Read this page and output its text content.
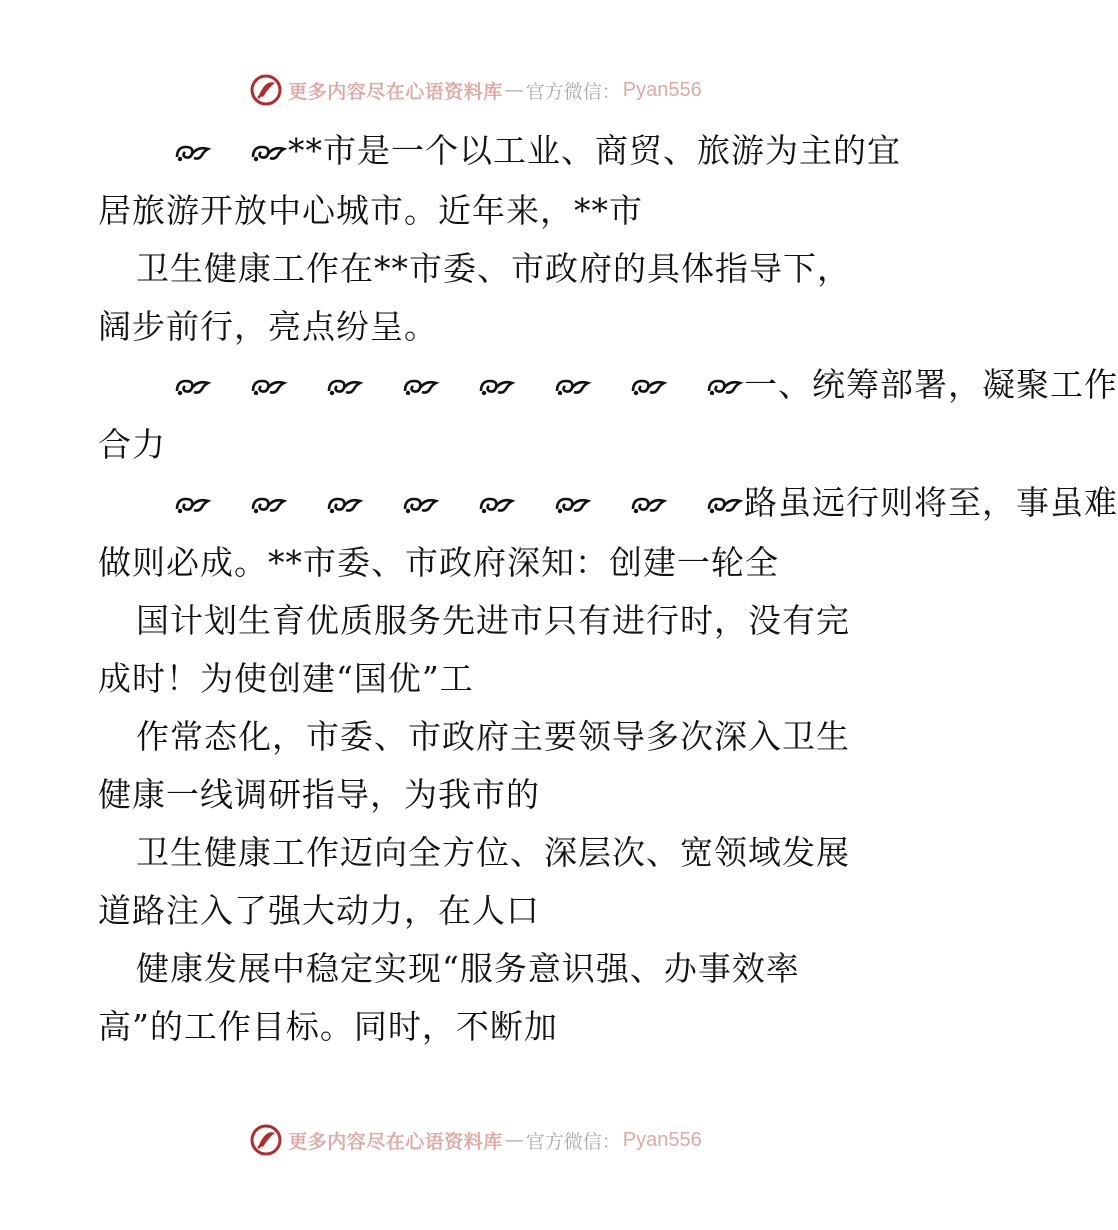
更多内容尽在心语资料库 — 官方微信： Pyan556
**市是一个以工业、商贸、旅游为主的宜
居旅游开放中心城市。近年来，**市
卫生健康工作在**市委、市政府的具体指导下，
阔步前行，亮点纷呈。
一、统筹部署，凝聚工作
合力
路虽远行则将至，事虽难
做则必成。**市委、市政府深知：创建一轮全
国计划生育优质服务先进市只有进行时，没有完
成时！为使创建“国优”工
作常态化，市委、市政府主要领导多次深入卫生
健康一线调研指导，为我市的
卫生健康工作迈向全方位、深层次、宽领域发展
道路注入了强大动力，在人口
健康发展中稳定实现“服务意识强、办事效率
高”的工作目标。同时，不断加
更多内容尽在心语资料库 — 官方微信： Pyan556
